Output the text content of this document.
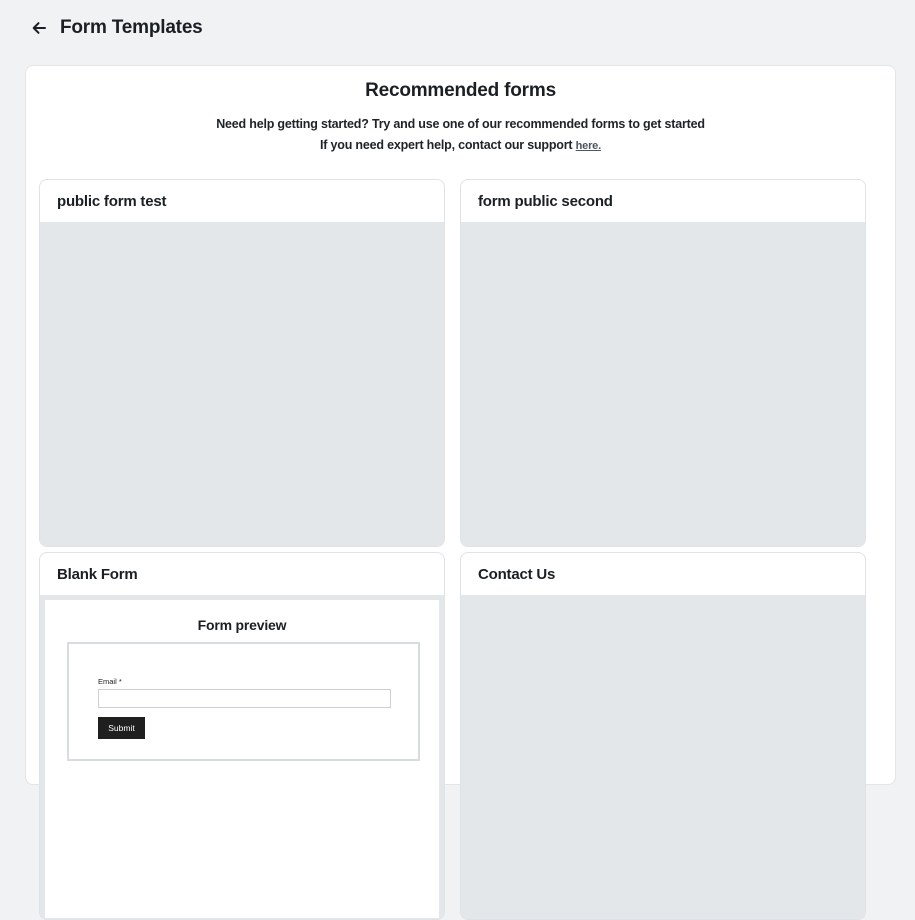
Form Templates
Recommended forms
Need help getting started? Try and use one of our recommended forms to get started
If you need expert help, contact our support here.
public form test	form public second
Blank Form
Form preview
Email *
Submit
Contact Us
